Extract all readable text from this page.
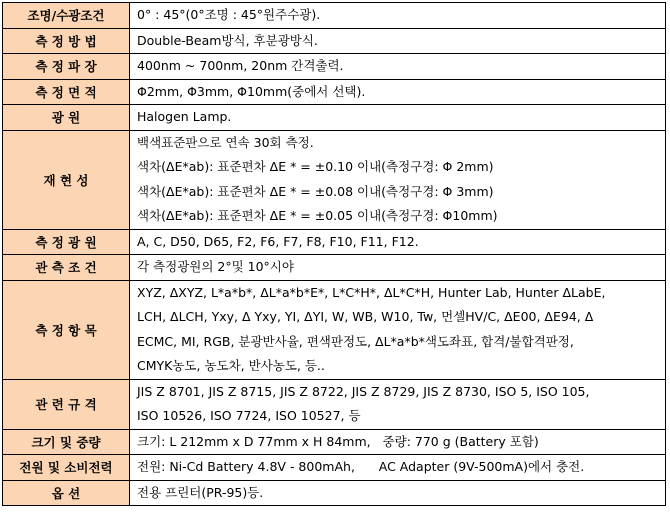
조명/수광조건	0° : 45°(0°조명 : 45°원주수광).

측 정 방 법	Double-Beam방식, 후분광방식.

측 정 파 장	400nm ~ 700nm, 20nm 간격출력.

측 정 면 적	Φ2mm, Φ3mm, Φ10mm(중에서 선택).

광 원	Halogen Lamp.

재 현 성	백색표준판으로 연속 30회 측정.
색차(ΔE*ab): 표준편차 ΔE * = ±0.10 이내(측정구경: Φ 2mm)
색차(ΔE*ab): 표준편차 ΔE * = ±0.08 이내(측정구경: Φ 3mm)
색차(ΔE*ab): 표준편차 ΔE * = ±0.05 이내(측정구경: Φ10mm)

측 정 광 원	A, C, D50, D65, F2, F6, F7, F8, F10, F11, F12.

관 측 조 건	각 측정광원의 2°및 10°시야

측 정 항 목	XYZ, ΔXYZ, L*a*b*, ΔL*a*b*E*, L*C*H*, ΔL*C*H, Hunter Lab, Hunter ΔLabE,
LCH, ΔLCH, Yxy, Δ Yxy, YI, ΔYI, W, WB, W10, Tw, 먼셀HV/C, ΔE00, ΔE94, Δ
ECMC, MI, RGB, 분광반사율, 편색판정도, ΔL*a*b*색도좌표, 합격/불합격판정,
CMYK농도, 농도차, 반사농도, 등..

관 련 규 격	JIS Z 8701, JIS Z 8715, JIS Z 8722, JIS Z 8729, JIS Z 8730, ISO 5, ISO 105,
ISO 10526, ISO 7724, ISO 10527, 등

크기 및 중량	크기: L 212mm x D 77mm x H 84mm,   중량: 770 g (Battery 포함)

전원 및 소비전력	전원: Ni-Cd Battery 4.8V - 800mAh,      AC Adapter (9V-500mA)에서 충전.

옵 션	전용 프린터(PR-95)등.
